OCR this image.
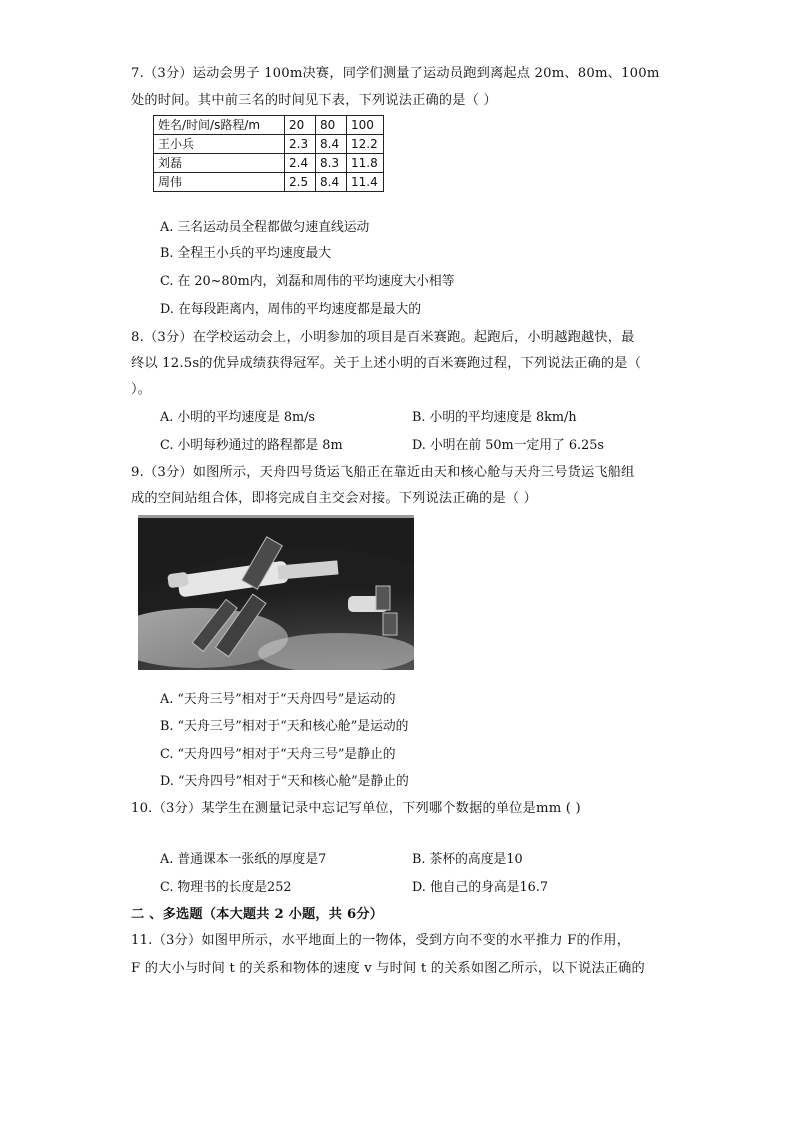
7.（3分）运动会男子 100m决赛，同学们测量了运动员跑到离起点 20m、80m、100m
处的时间。其中前三名的时间见下表，下列说法正确的是（ ）
姓名/时间/s路程/m	20	80	100
王小兵	2.3	8.4	12.2
刘磊	2.4	8.3	11.8
周伟	2.5	8.4	11.4
A. 三名运动员全程都做匀速直线运动
B. 全程王小兵的平均速度最大
C. 在 20~80m内，刘磊和周伟的平均速度大小相等
D. 在每段距离内，周伟的平均速度都是最大的
8.（3分）在学校运动会上，小明参加的项目是百米赛跑。起跑后，小明越跑越快，最
终以 12.5s的优异成绩获得冠军。关于上述小明的百米赛跑过程，下列说法正确的是（
）。
A. 小明的平均速度是 8m/s	B. 小明的平均速度是 8km/h
C. 小明每秒通过的路程都是 8m	D. 小明在前 50m一定用了 6.25s
9.（3分）如图所示，天舟四号货运飞船正在靠近由天和核心舱与天舟三号货运飞船组
成的空间站组合体，即将完成自主交会对接。下列说法正确的是（ ）
A. “天舟三号”相对于“天舟四号”是运动的
B. “天舟三号”相对于“天和核心舱”是运动的
C. “天舟四号”相对于“天舟三号”是静止的
D. “天舟四号”相对于“天和核心舱”是静止的
10.（3分）某学生在测量记录中忘记写单位，下列哪个数据的单位是mm ( )
A. 普通课本一张纸的厚度是7	B. 茶杯的高度是10
C. 物理书的长度是252	D. 他自己的身高是16.7
二 、多选题（本大题共 2 小题，共 6分）
11.（3分）如图甲所示，水平地面上的一物体，受到方向不变的水平推力 F的作用，
F 的大小与时间 t 的关系和物体的速度 v 与时间 t 的关系如图乙所示，以下说法正确的
